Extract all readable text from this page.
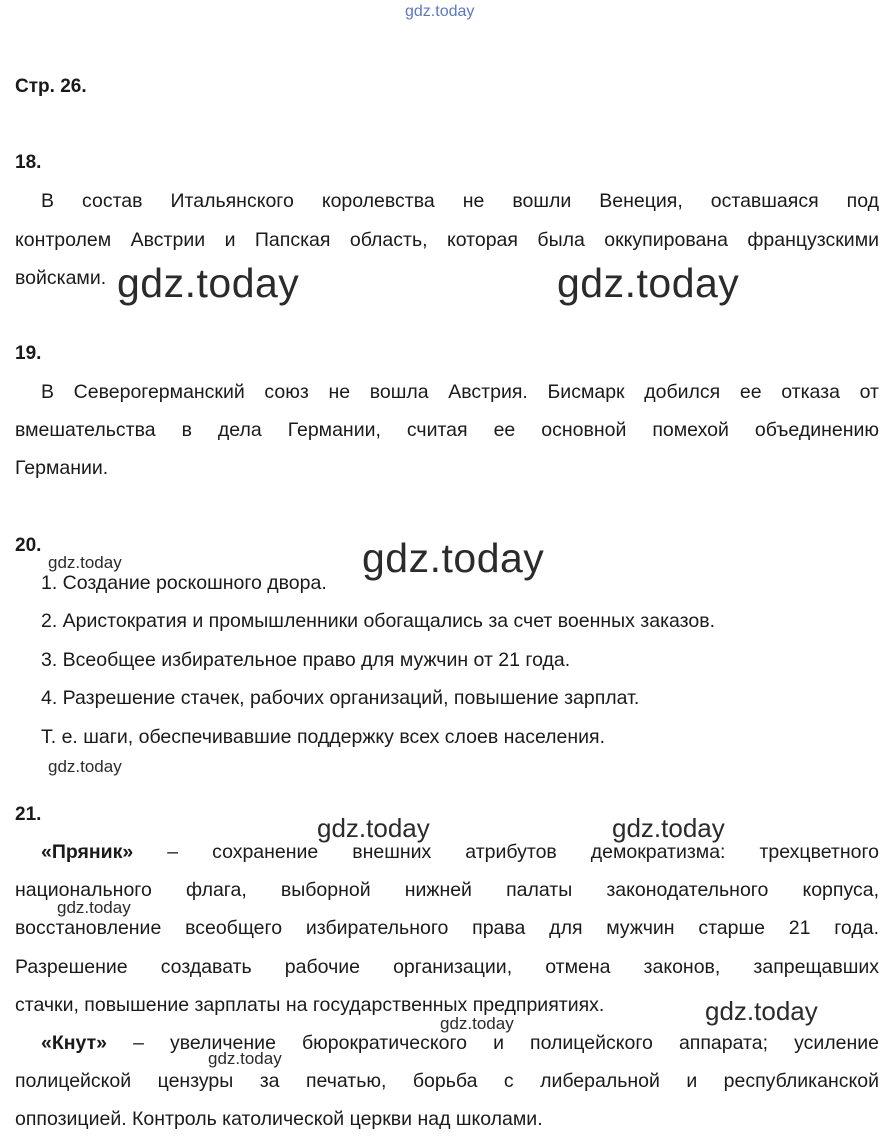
gdz.today
Стр. 26.
18.
В состав Итальянского королевства не вошли Венеция, оставшаяся под
контролем Австрии и Папская область, которая была оккупирована французскими
войсками. gdz.today	gdz.today
19.
В Северогерманский союз не вошла Австрия. Бисмарк добился ее отказа от
вмешательства в дела Германии, считая ее основной помехой объединению
Германии.
20.
gdz.today	gdz.today
1. Создание роскошного двора.
2. Аристократия и промышленники обогащались за счет военных заказов.
3. Всеобщее избирательное право для мужчин от 21 года.
4. Разрешение стачек, рабочих организаций, повышение зарплат.
Т. е. шаги, обеспечивавшие поддержку всех слоев населения.
gdz.today
21.	gdz.today	gdz.today
«Пряник» – сохранение внешних атрибутов демократизма: трехцветного
национального флага, выборной нижней палаты законодательного корпуса,
gdz.today
восстановление всеобщего избирательного права для мужчин старше 21 года.
Разрешение создавать рабочие организации, отмена законов, запрещавших
стачки, повышение зарплаты на государственных предприятиях.	gdz.today
gdz.today
«Кнут» – увеличение бюрократического и полицейского аппарата; усиление
gdz.today
полицейской цензуры за печатью, борьба с либеральной и республиканской
оппозицией. Контроль католической церкви над школами.
